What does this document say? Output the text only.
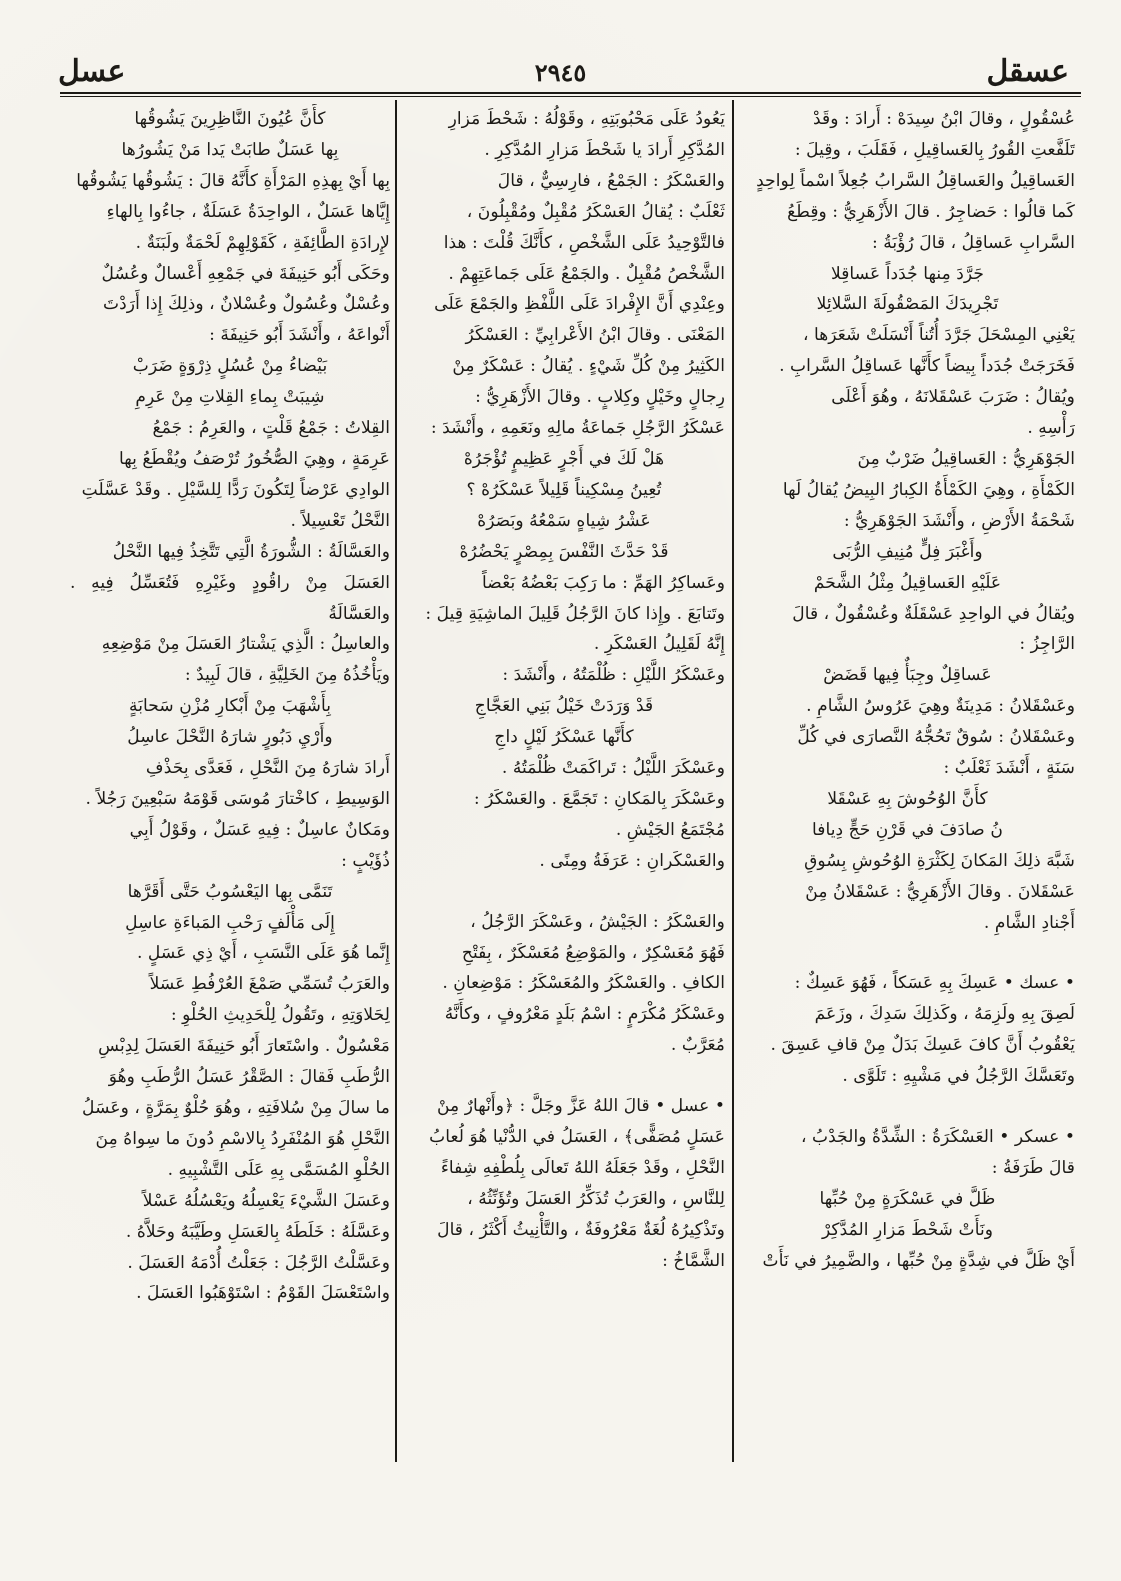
عسقل
٢٩٤٥
عسل
عُسْقُولٍ ، وقالَ ابْنُ سِيدَهْ : أَرادَ : وقَدْ
تَلَفَّعتِ القُورُ بِالعَساقِيلِ ، فَقَلَبَ ، وقِيلَ :
العَساقِيلُ والعَساقِلُ السَّرابُ جُعِلاً اسْماً لِواحِدٍ
كَما قالُوا : حَضاجِرُ . قالَ الأَزْهَرِيُّ : وقِطَعُ
السَّرابِ عَساقِلُ ، قالَ رُؤْبَةُ :
جَرَّدَ مِنها جُدَداً عَساقِلا
تَجْرِيدَكَ المَصْقُولَةَ السَّلائِلا
يَعْنِي المِسْحَلَ جَرَّدَ أُتُناً أَنْسَلَتْ شَعَرَها ،
فَخَرَجَتْ جُدَداً بِيضاً كأَنَّها عَساقِلُ السَّرابِ .
ويُقالُ : ضَرَبَ عَسْقَلانَهُ ، وهُوَ أَعْلَى
رَأْسِهِ .
الجَوْهَرِيُّ : العَساقِيلُ ضَرْبٌ مِنَ
الكَمْأَةِ ، وهِيَ الكَمْأَةُ الكِبارُ البِيضُ يُقالُ لَها
شَحْمَةُ الأَرْضِ ، وأَنْشَدَ الجَوْهَرِيُّ :
وأَغْبَرَ فِلٍّ مُنِيفِ الرُّبَى
عَلَيْهِ العَساقِيلُ مِثْلُ الشَّحَمْ
ويُقالُ في الواحِدِ عَسْقَلَةٌ وعُسْقُولٌ ، قالَ
الرَّاجِزُ :
عَساقِلٌ وجِبَأٌ فِيها قَضَضْ
وعَسْقَلانُ : مَدِينَةٌ وهِيَ عَرُوسُ الشَّامِ .
وعَسْقَلانُ : سُوقٌ تَحُجُّهُ النَّصارَى في كُلِّ
سَنَةٍ ، أَنْشَدَ ثَعْلَبٌ :
كأَنَّ الوُحُوشَ بِهِ عَسْقَلا
نُ صادَفَ في قَرْنِ حَجٍّ دِيافا
شَبَّهَ ذلِكَ المَكانَ لِكَثْرَةِ الوُحُوشِ بِسُوقِ
عَسْقَلانَ . وقالَ الأَزْهَرِيُّ : عَسْقَلانُ مِنْ
أَجْنادِ الشَّامِ .
• عسك • عَسِكَ بِهِ عَسَكاً ، فَهُوَ عَسِكٌ :
لَصِقَ بِهِ ولَزِمَهُ ، وكَذلِكَ سَدِكَ ، وزَعَمَ
يَعْقُوبُ أَنَّ كافَ عَسِكَ بَدَلٌ مِنْ قافِ عَسِقَ .
وتَعَسَّكَ الرَّجُلُ في مَشْيِهِ : تَلَوَّى .
• عسكر • العَسْكَرَةُ : الشِّدَّةُ والجَدْبُ ،
قالَ طَرَفَةُ :
ظَلَّ في عَسْكَرَةٍ مِنْ حُبِّها
ونَأَتْ شَحْطَ مَزارِ المُدَّكِرْ
أَيْ ظَلَّ في شِدَّةٍ مِنْ حُبِّها ، والضَّمِيرُ في نَأَتْ
يَعُودُ عَلَى مَحْبُوبَتِهِ ، وقَوْلُهُ : شَحْطَ مَزارِ
المُدَّكِرِ أَرادَ يا شَحْطَ مَزارِ المُدَّكِرِ .
والعَسْكَرُ : الجَمْعُ ، فارِسِيٌّ ، قالَ
ثَعْلَبٌ : يُقالُ العَسْكَرُ مُقْبِلٌ ومُقْبِلُونَ ،
فالتَّوْحِيدُ عَلَى الشَّخْصِ ، كأَنَّكَ قُلْتَ : هذا
الشَّخْصُ مُقْبِلٌ . والجَمْعُ عَلَى جَماعَتِهِمْ .
وعِنْدِي أَنَّ الإِفْرادَ عَلَى اللَّفْظِ والجَمْعَ عَلَى
المَعْنَى . وقالَ ابْنُ الأَعْرابِيِّ : العَسْكَرُ
الكَثِيرُ مِنْ كُلِّ شَيْءٍ . يُقالُ : عَسْكَرٌ مِنْ
رِجالٍ وخَيْلٍ وكِلابٍ . وقالَ الأَزْهَرِيُّ :
عَسْكَرُ الرَّجُلِ جَماعَةُ مالِهِ ونَعَمِهِ ، وأَنْشَدَ :
هَلْ لَكَ في أَجْرٍ عَظِيمٍ تُؤْجَرُهْ
تُعِينُ مِسْكِيناً قَلِيلاً عَسْكَرُهْ ؟
عَشْرُ شِياهٍ سَمْعُهُ وبَصَرُهْ
قَدْ حَدَّثَ النَّفْسَ بِمِصْرٍ يَحْضُرُهْ
وعَساكِرُ الهَمِّ : ما رَكِبَ بَعْضُهُ بَعْضاً
وتَتابَعَ . وإِذا كانَ الرَّجُلُ قَلِيلَ الماشِيَةِ قِيلَ :
إِنَّهُ لَقَلِيلُ العَسْكَرِ .
وعَسْكَرُ اللَّيْلِ : ظُلْمَتُهُ ، وأَنْشَدَ :
قَدْ وَرَدَتْ خَيْلُ بَنِي العَجَّاجِ
كأَنَّها عَسْكَرُ لَيْلٍ داجِ
وعَسْكَرَ اللَّيْلُ : تَراكَمَتْ ظُلْمَتُهُ .
وعَسْكَرَ بِالمَكانِ : تَجَمَّعَ . والعَسْكَرُ :
مُجْتَمَعُ الجَيْشِ .
والعَسْكَرانِ : عَرَفَةُ ومِنًى .
والعَسْكَرُ : الجَيْشُ ، وعَسْكَرَ الرَّجُلُ ،
فَهُوَ مُعَسْكِرٌ ، والمَوْضِعُ مُعَسْكَرٌ ، بِفَتْحِ
الكافِ . والعَسْكَرُ والمُعَسْكَرُ : مَوْضِعانِ .
وعَسْكَرُ مُكْرَمٍ : اسْمُ بَلَدٍ مَعْرُوفٍ ، وكأَنَّهُ
مُعَرَّبٌ .
• عسل • قالَ اللهُ عَزَّ وجَلَّ : ﴿وأَنْهارٌ مِنْ
عَسَلٍ مُصَفًّى﴾ ، العَسَلُ في الدُّنْيا هُوَ لُعابُ
النَّحْلِ ، وقَدْ جَعَلَهُ اللهُ تَعالَى بِلُطْفِهِ شِفاءً
لِلنَّاسِ ، والعَرَبُ تُذَكِّرُ العَسَلَ وتُؤَنِّثُهُ ،
وتَذْكِيرُهُ لُغَةٌ مَعْرُوفَةٌ ، والتَّأْنِيثُ أَكْثَرُ ، قالَ
الشَّمَّاخُ :
كأَنَّ عُيُونَ النَّاظِرِينَ يَشُوقُها
بِها عَسَلٌ طابَتْ يَدا مَنْ يَشُورُها
بِها أَيْ بِهذِهِ المَرْأَةِ كأَنَّهُ قالَ : يَشُوقُها يَشُوقُها
إِيَّاها عَسَلٌ ، الواحِدَةُ عَسَلَةٌ ، جاءُوا بِالهاءِ
لإِرادَةِ الطَّائِفَةِ ، كَقَوْلِهِمْ لَحْمَةٌ ولَبَنَةٌ .
وحَكَى أَبُو حَنِيفَةَ في جَمْعِهِ أَعْسالٌ وعُسُلٌ
وعُسْلٌ وعُسُولٌ وعُسْلانٌ ، وذلِكَ إِذا أَرَدْتَ
أَنْواعَهُ ، وأَنْشَدَ أَبُو حَنِيفَةَ :
بَيْضاءُ مِنْ عُسُلٍ ذِرْوَةٍ ضَرَبْ
شِيبَتْ بِماءِ القِلاتِ مِنْ عَرِمِ
القِلاتُ : جَمْعُ قَلْتٍ ، والعَرِمُ : جَمْعُ
عَرِمَةٍ ، وهِيَ الصُّخُورُ تُرْصَفُ ويُقْطَعُ بِها
الوادِي عَرْضاً لِتَكُونَ رَدًّا لِلسَّيْلِ . وقَدْ عَسَّلَتِ
النَّحْلُ تَعْسِيلاً .
والعَسَّالَةُ : الشُّورَةُ الَّتِي تَتَّخِذُ فِيها النَّحْلُ
العَسَلَ مِنْ راقُودٍ وغَيْرِهِ فَتُعَسِّلُ فِيهِ . والعَسَّالَةُ
والعاسِلُ : الَّذِي يَشْتارُ العَسَلَ مِنْ مَوْضِعِهِ
ويَأْخُذُهُ مِنَ الخَلِيَّةِ ، قالَ لَبِيدٌ :
بِأَشْهَبَ مِنْ أَبْكارِ مُزْنِ سَحابَةٍ
وأَرْيِ دَبُورٍ شارَهُ النَّحْلَ عاسِلُ
أَرادَ شارَهُ مِنَ النَّحْلِ ، فَعَدَّى بِحَذْفِ
الوَسِيطِ ، كاخْتارَ مُوسَى قَوْمَهُ سَبْعِينَ رَجُلاً .
ومَكانٌ عاسِلٌ : فِيهِ عَسَلٌ ، وقَوْلُ أَبِي
ذُؤَيْبٍ :
تَنَمَّى بِها اليَعْسُوبُ حَتَّى أَقَرَّها
إِلَى مَأْلَفٍ رَحْبِ المَباءَةِ عاسِلِ
إِنَّما هُوَ عَلَى النَّسَبِ ، أَيْ ذِي عَسَلٍ .
والعَرَبُ تُسَمِّي صَمْغَ العُرْفُطِ عَسَلاً
لِحَلاوَتِهِ ، وتَقُولُ لِلْحَدِيثِ الحُلْوِ :
مَعْسُولٌ . واسْتَعارَ أَبُو حَنِيفَةَ العَسَلَ لِدِبْسِ
الرُّطَبِ فَقالَ : الصَّقْرُ عَسَلُ الرُّطَبِ وهُوَ
ما سالَ مِنْ سُلافَتِهِ ، وهُوَ حُلْوٌ بِمَرَّةٍ ، وعَسَلُ
النَّحْلِ هُوَ المُنْفَرِدُ بِالاسْمِ دُونَ ما سِواهُ مِنَ
الحُلْوِ المُسَمَّى بِهِ عَلَى التَّشْبِيهِ .
وعَسَلَ الشَّيْءَ يَعْسِلُهُ ويَعْسُلُهُ عَسْلاً
وعَسَّلَهُ : خَلَطَهُ بِالعَسَلِ وطَيَّبَهُ وحَلاَّهُ .
وعَسَّلْتُ الرَّجُلَ : جَعَلْتُ أُدْمَهُ العَسَلَ .
واسْتَعْسَلَ القَوْمُ : اسْتَوْهَبُوا العَسَلَ .
